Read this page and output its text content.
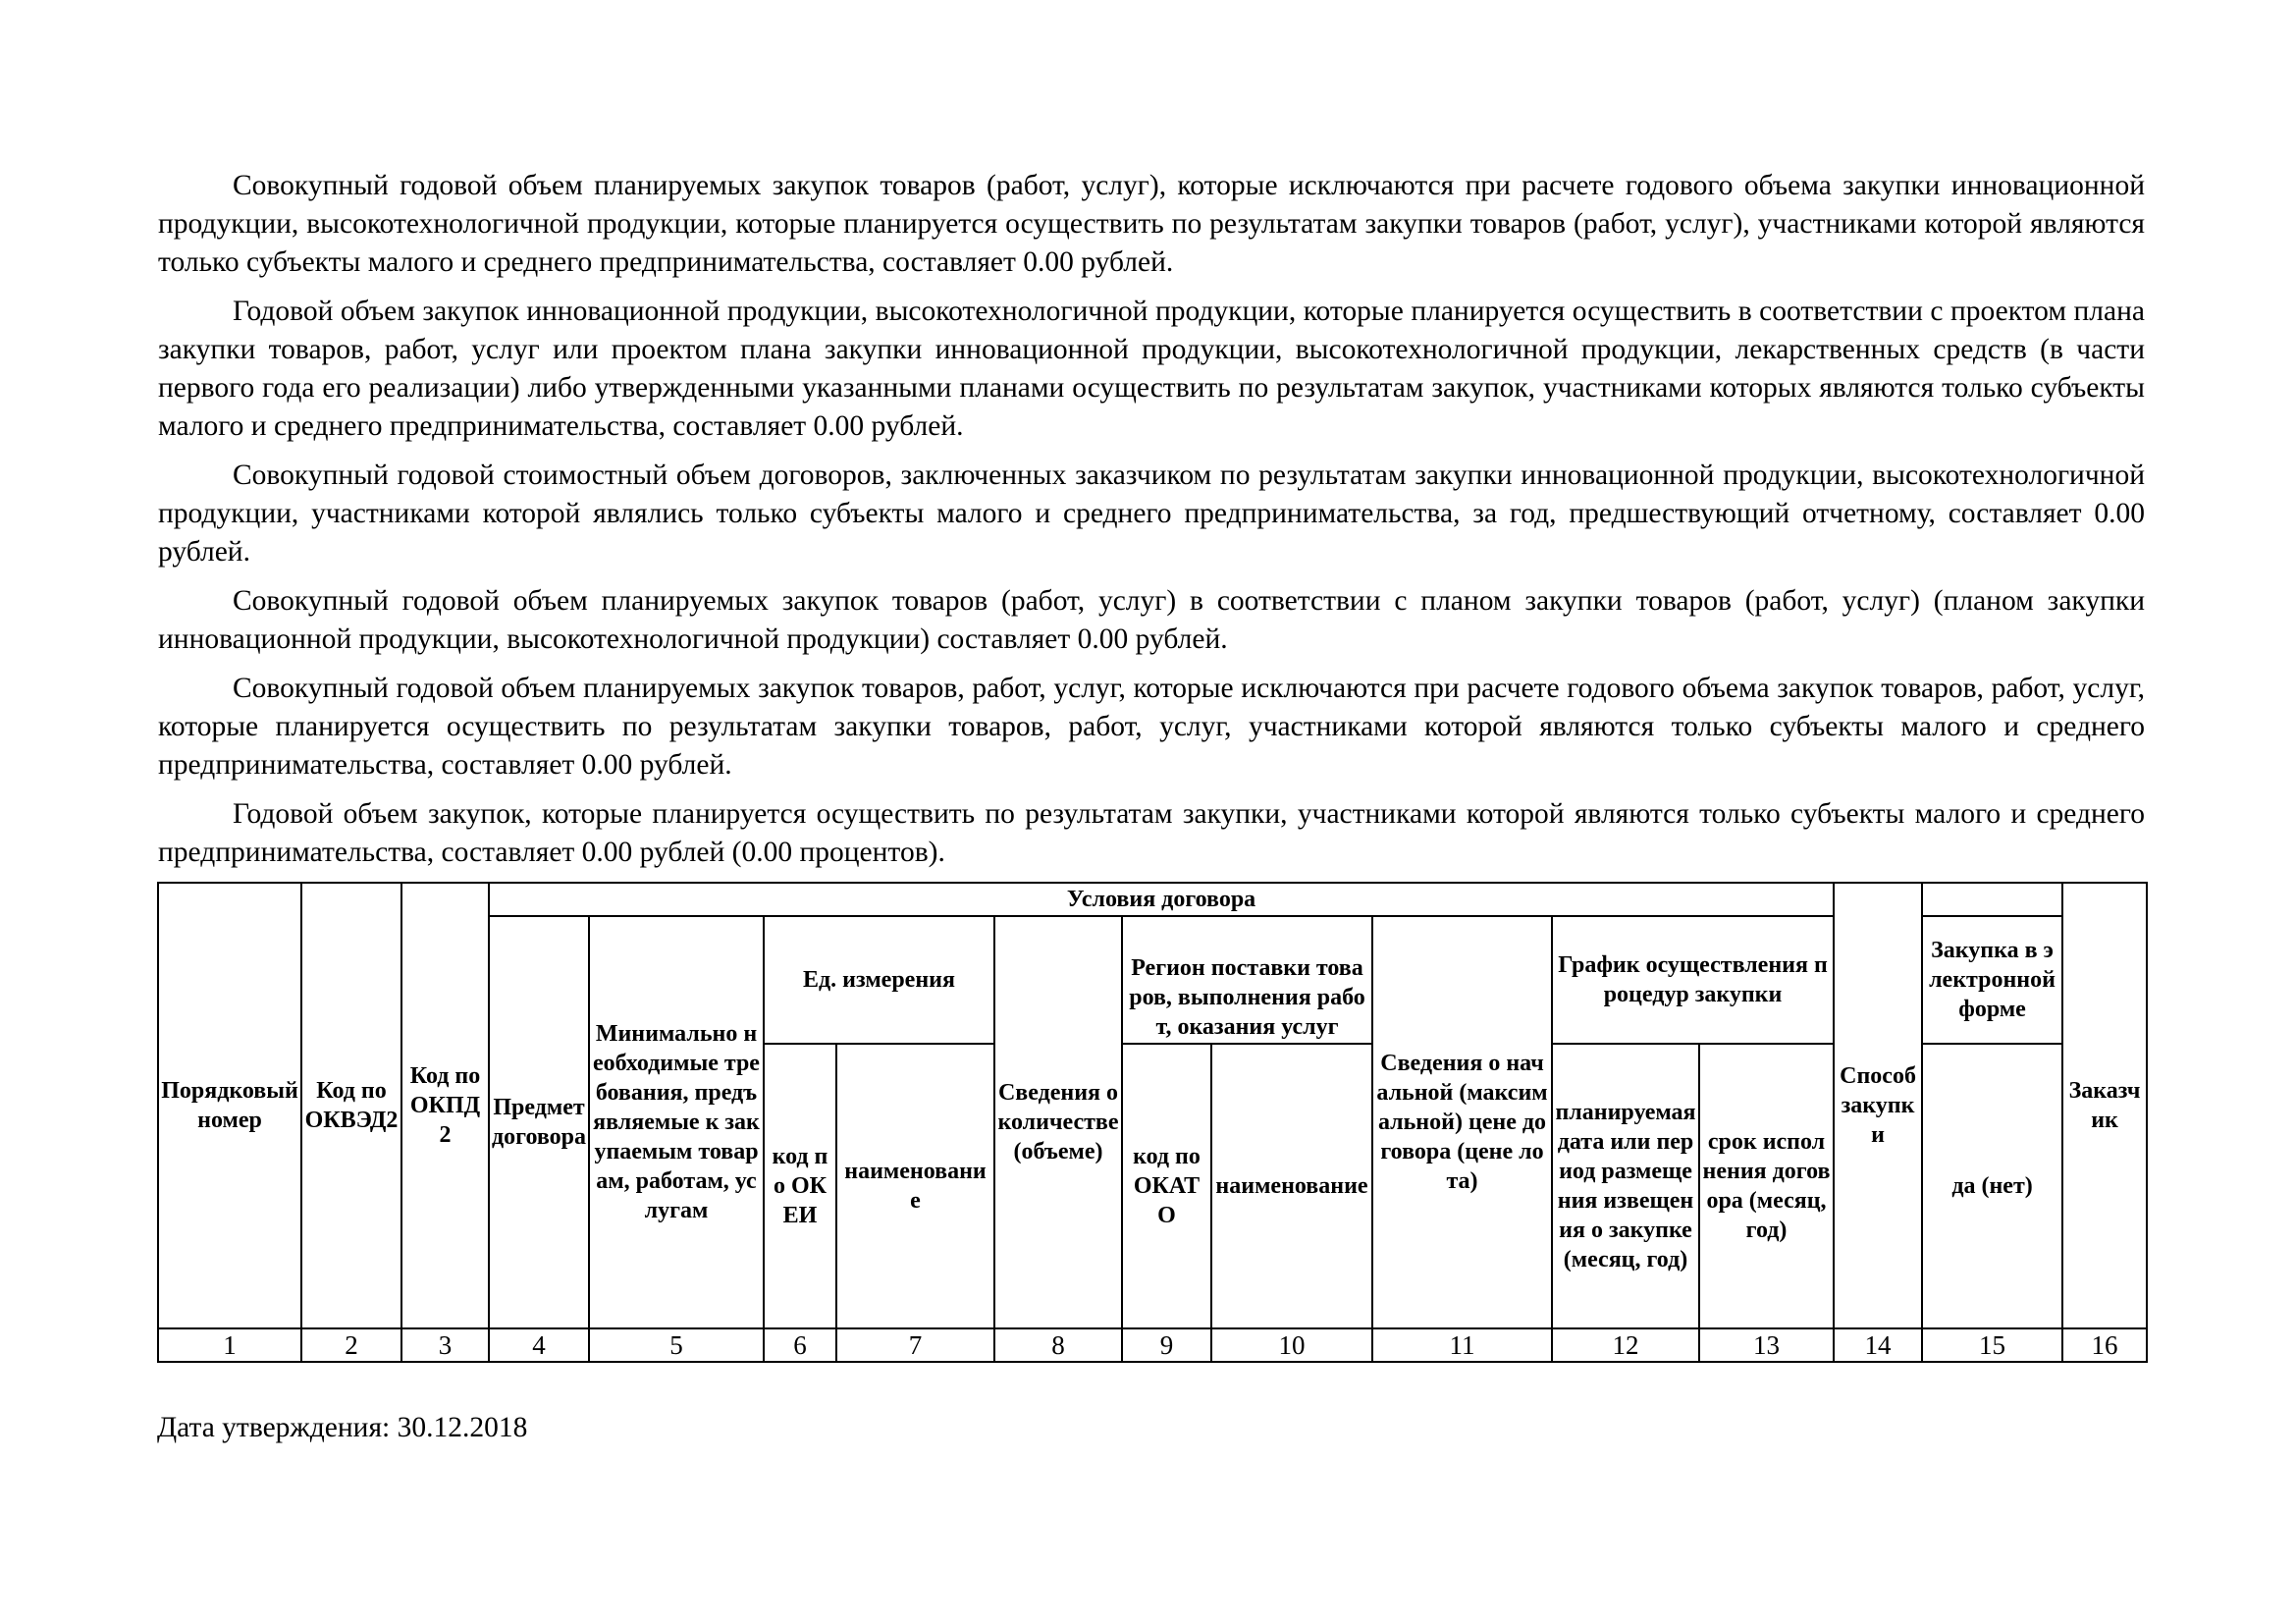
Совокупный годовой объем планируемых закупок товаров (работ, услуг), которые исключаются при расчете годового объема закупки инновационной продукции, высокотехнологичной продукции, которые планируется осуществить по результатам закупки товаров (работ, услуг), участниками которой являются только субъекты малого и среднего предпринимательства, составляет 0.00 рублей.

Годовой объем закупок инновационной продукции, высокотехнологичной продукции, которые планируется осуществить в соответствии с проектом плана закупки товаров, работ, услуг или проектом плана закупки инновационной продукции, высокотехнологичной продукции, лекарственных средств (в части первого года его реализации) либо утвержденными указанными планами осуществить по результатам закупок, участниками которых являются только субъекты малого и среднего предпринимательства, составляет 0.00 рублей.

Совокупный годовой стоимостный объем договоров, заключенных заказчиком по результатам закупки инновационной продукции, высокотехнологичной продукции, участниками которой являлись только субъекты малого и среднего предпринимательства, за год, предшествующий отчетному, составляет 0.00 рублей.

Совокупный годовой объем планируемых закупок товаров (работ, услуг) в соответствии с планом закупки товаров (работ, услуг) (планом закупки инновационной продукции, высокотехнологичной продукции) составляет 0.00 рублей.

Совокупный годовой объем планируемых закупок товаров, работ, услуг, которые исключаются при расчете годового объема закупок товаров, работ, услуг, которые планируется осуществить по результатам закупки товаров, работ, услуг, участниками которой являются только субъекты малого и среднего предпринимательства, составляет 0.00 рублей.

Годовой объем закупок, которые планируется осуществить по результатам закупки, участниками которой являются только субъекты малого и среднего предпринимательства, составляет 0.00 рублей (0.00 процентов).

Порядковый номер	Код по ОКВЭД2	Код по ОКПД2	Условия договора										Способ закупки		Заказчик
			Предмет договора	Минимально необходимые требования, предъявляемые к закупаемым товарам, работам, услугам	Ед. измерения		Сведения о количестве (объеме)	Регион поставки товаров, выполнения работ, оказания услуг		Сведения о начальной (максимальной) цене договора (цене лота)	График осуществления процедур закупки			Закупка в электронной форме	
					код по ОКЕИ	наименование		код по ОКАТО	наименование		планируемая дата или период размещения извещения о закупке (месяц, год)	срок исполнения договора (месяц, год)		да (нет)	
1	2	3	4	5	6	7	8	9	10	11	12	13	14	15	16
Дата утверждения: 30.12.2018
